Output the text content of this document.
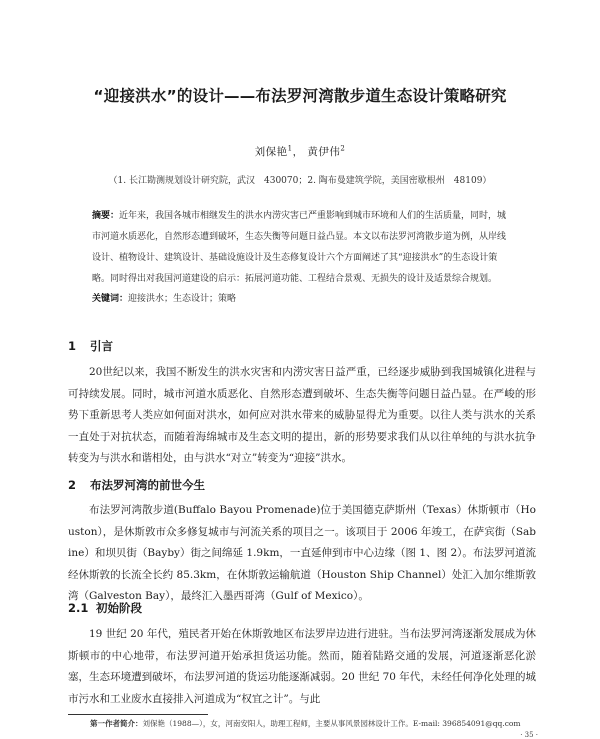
“迎接洪水”的设计——布法罗河湾散步道生态设计策略研究
刘保艳$^1$， 黄伊伟$^2$
（1. 长江勘测规划设计研究院，武汉　430070；2. 陶布曼建筑学院，美国密歇根州　48109）
摘要：近年来，我国各城市相继发生的洪水内涝灾害已严重影响到城市环境和人们的生活质量，同时，城市河道水质恶化，自然形态遭到破坏，生态失衡等问题日益凸显。本文以布法罗河湾散步道为例，从岸线设计、植物设计、建筑设计、基础设施设计及生态修复设计六个方面阐述了其“迎接洪水”的生态设计策略。同时得出对我国河道建设的启示：拓展河道功能、工程结合景观、无损失的设计及适景综合规划。
关键词：迎接洪水；生态设计；策略
1 引言
20世纪以来，我国不断发生的洪水灾害和内涝灾害日益严重，已经逐步威胁到我国城镇化进程与可持续发展。同时，城市河道水质恶化、自然形态遭到破坏、生态失衡等问题日益凸显。在严峻的形势下重新思考人类应如何面对洪水，如何应对洪水带来的威胁显得尤为重要。以往人类与洪水的关系一直处于对抗状态，而随着海绵城市及生态文明的提出，新的形势要求我们从以往单纯的与洪水抗争转变为与洪水和谐相处，由与洪水“对立”转变为“迎接”洪水。
2 布法罗河湾的前世今生
布法罗河湾散步道(Buffalo Bayou Promenade)位于美国德克萨斯州（Texas）休斯顿市（Houston），是休斯敦市众多修复城市与河流关系的项目之一。该项目于 2006 年竣工，在萨宾街（Sabine）和坝贝街（Bayby）街之间绵延 1.9km，一直延伸到市中心边缘（图 1、图 2）。布法罗河道流经休斯敦的长流全长约 85.3km，在休斯敦运输航道（Houston Ship Channel）处汇入加尔维斯敦湾（Galveston Bay），最终汇入墨西哥湾（Gulf of Mexico）。
2.1 初始阶段
19 世纪 20 年代，殖民者开始在休斯敦地区布法罗岸边进行进驻。当布法罗河湾逐渐发展成为休斯顿市的中心地带，布法罗河道开始承担货运功能。然而，随着陆路交通的发展，河道逐渐恶化淤塞，生态环境遭到破坏，布法罗河道的货运功能逐渐减弱。20 世纪 70 年代，未经任何净化处理的城市污水和工业废水直接排入河道成为“权宜之计”。与此
第一作者简介：刘保艳（1988—），女，河南安阳人，助理工程师，主要从事风景园林设计工作。E-mail: 396854091@qq.com
· 35 ·
